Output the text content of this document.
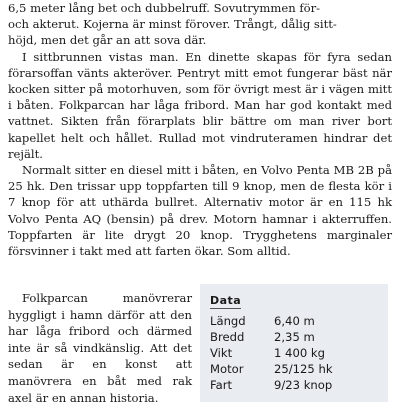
6,5 meter lång bet och dubbelruff. Sovutrymmen för-

och akterut. Kojerna är minst förover. Trångt, dålig sitt-

höjd, men det går an att sova där.

I sittbrunnen vistas man. En dinette skapas för fyra sedan förarsoffan vänts akteröver. Pentryt mitt emot fungerar bäst när kocken sitter på motorhuven, som för övrigt mest är i vägen mitt i båten. Folkparcan har låga fribord. Man har god kontakt med vattnet. Sikten från förarplats blir bättre om man river bort kapellet helt och hållet. Rullad mot vindruteramen hindrar det rejält.

Normalt sitter en diesel mitt i båten, en Volvo Penta MB 2B på 25 hk. Den trissar upp toppfarten till 9 knop, men de flesta kör i 7 knop för att uthärda bullret. Alternativ motor är en 115 hk Volvo Penta AQ (bensin) på drev. Motorn hamnar i akterruffen. Toppfarten är lite drygt 20 knop. Trygghetens marginaler försvinner i takt med att farten ökar. Som alltid.

Folkparcan manövrerar hyggligt i hamn därför att den har låga fribord och därmed inte är så vindkänslig. Att det sedan är en konst att manövrera en båt med rak axel är en annan historia.

Data
Längd	6,40 m
Bredd	2,35 m
Vikt	1 400 kg
Motor	25/125 hk
Fart	9/23 knop
